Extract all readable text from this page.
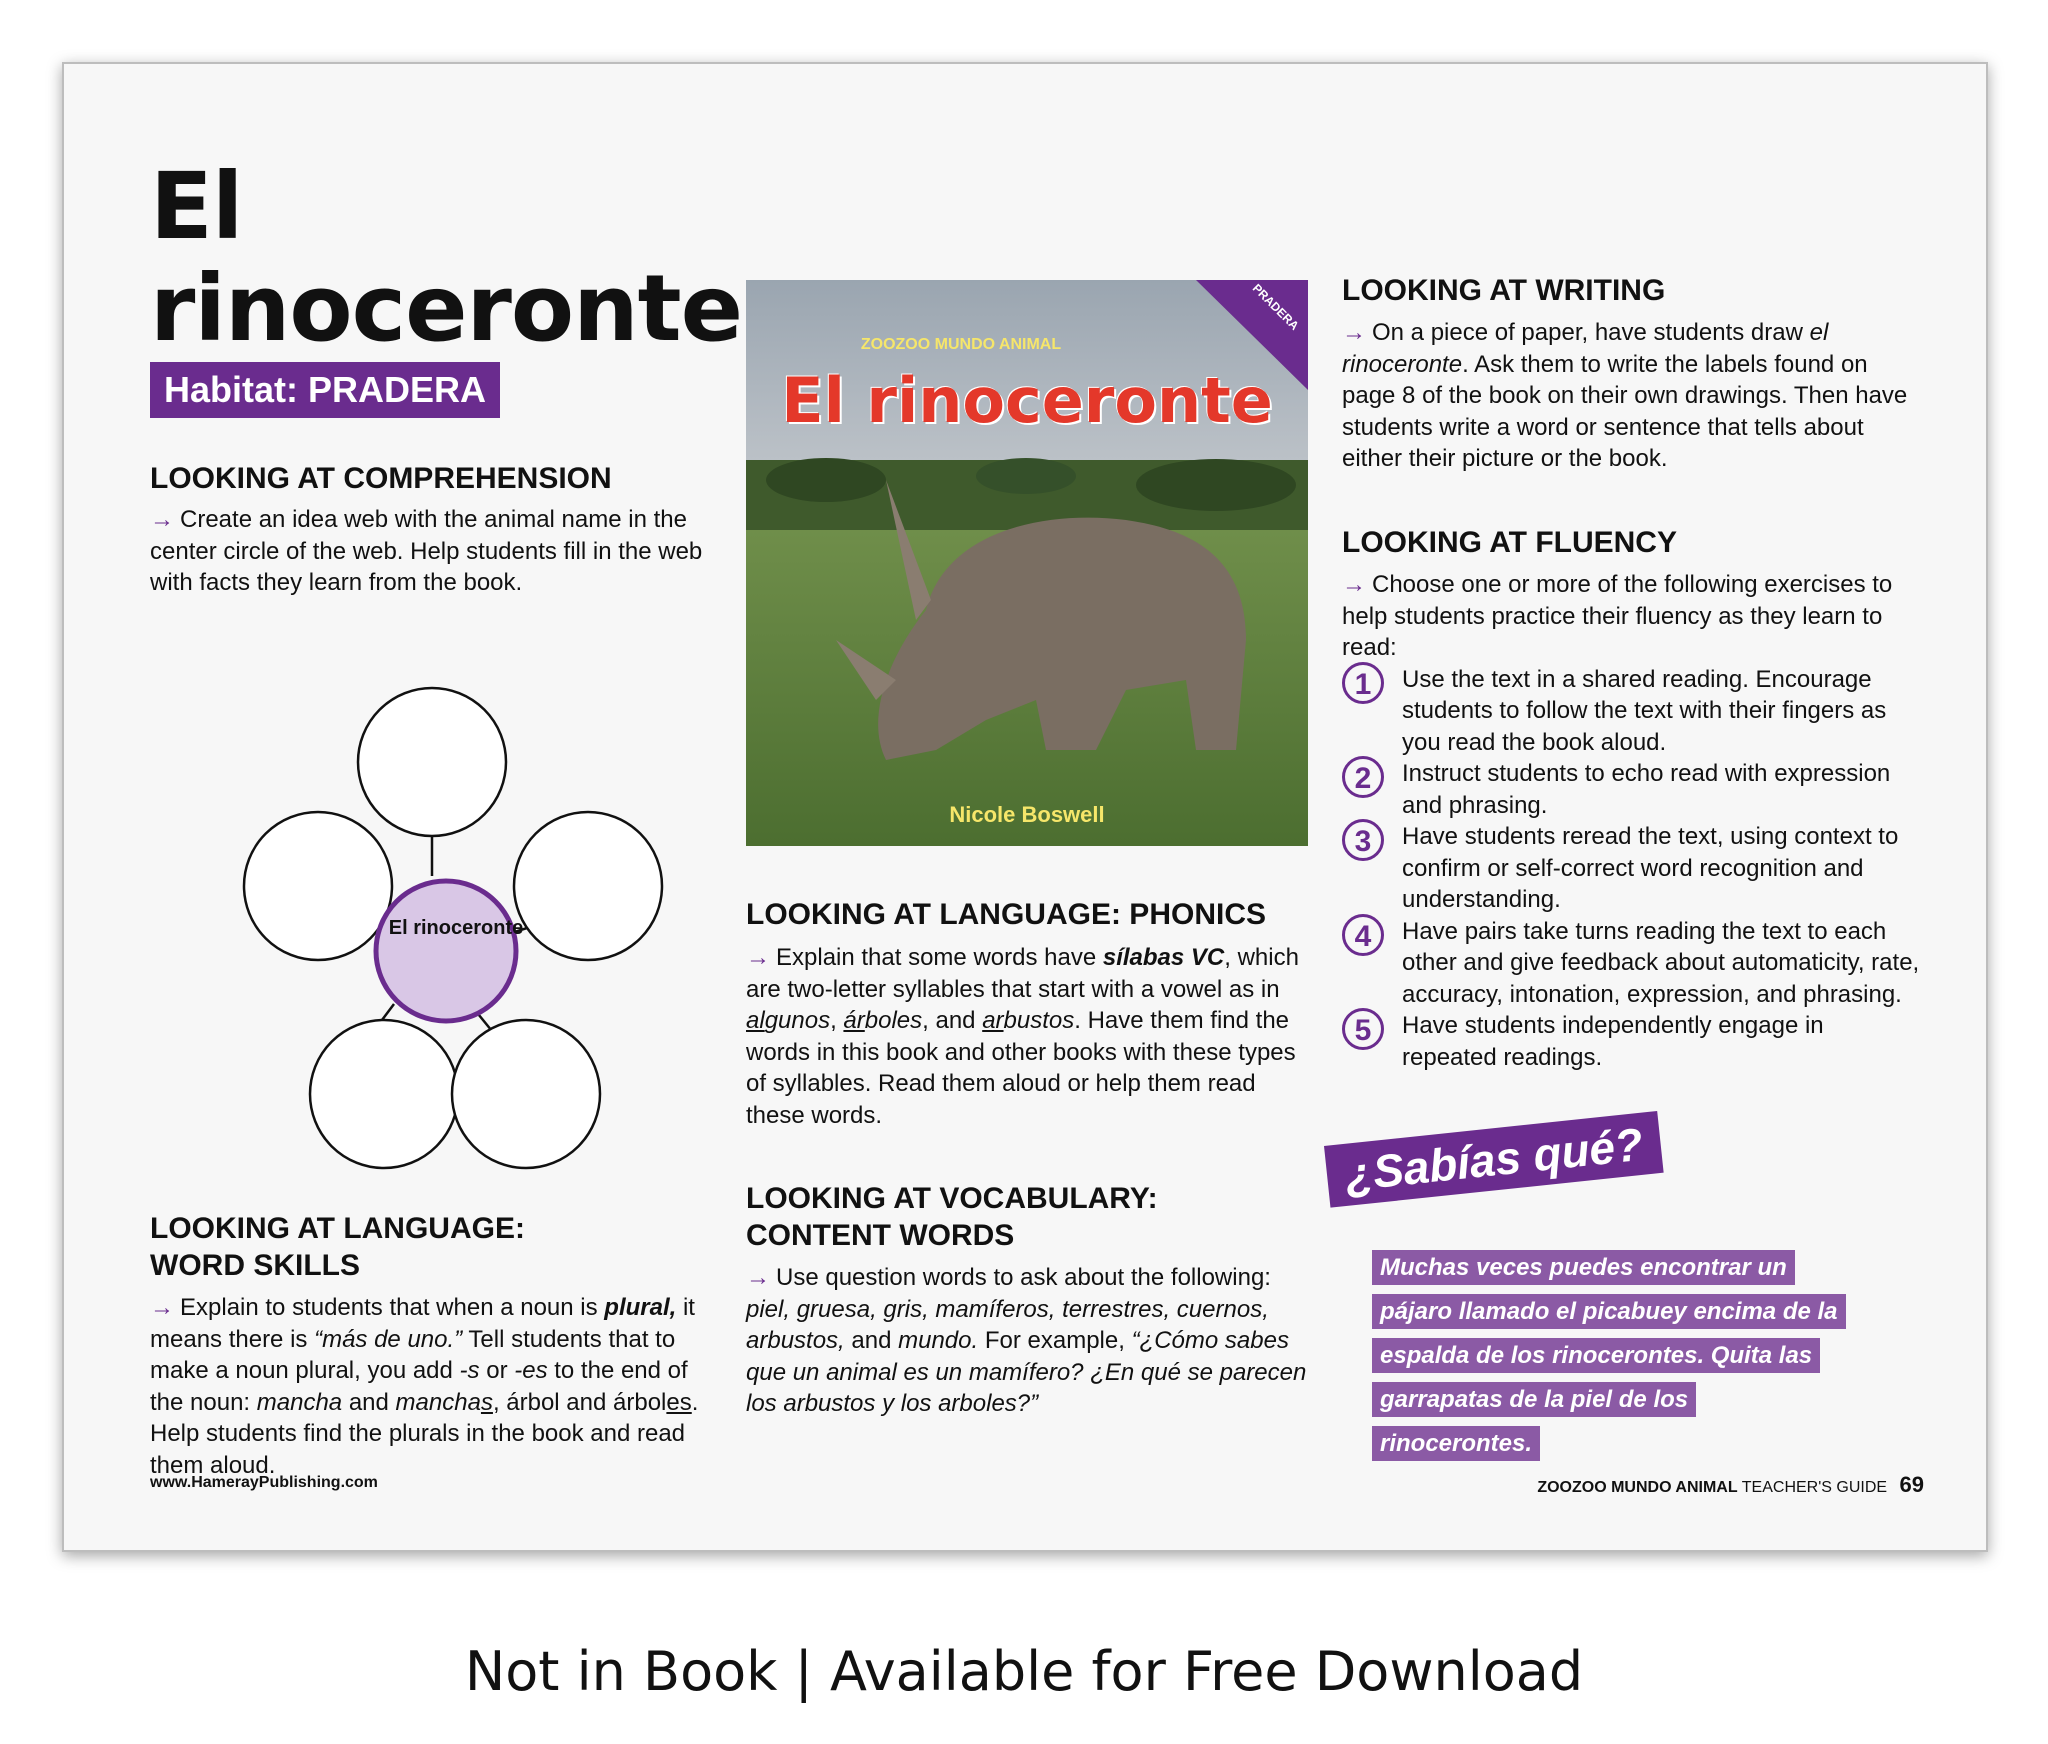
El
rinoceronte
Habitat: PRADERA
LOOKING AT COMPREHENSION
→ Create an idea web with the animal name in the center circle of the web. Help students fill in the web with facts they learn from the book.
El rinoceronte
LOOKING AT LANGUAGE:
WORD SKILLS
→ Explain to students that when a noun is plural, it means there is “más de uno.” Tell students that to make a noun plural, you add -s or -es to the end of the noun: mancha and manchas, árbol and árboles. Help students find the plurals in the book and read them aloud.
ZOOZOO MUNDO ANIMAL
PRADERA
El rinoceronte
Nicole Boswell
LOOKING AT LANGUAGE: PHONICS
→ Explain that some words have sílabas VC, which are two-letter syllables that start with a vowel as in algunos, árboles, and arbustos. Have them find the words in this book and other books with these types of syllables. Read them aloud or help them read these words.
LOOKING AT VOCABULARY:
CONTENT WORDS
→ Use question words to ask about the following: piel, gruesa, gris, mamíferos, terrestres, cuernos, arbustos, and mundo. For example, “¿Cómo sabes que un animal es un mamífero? ¿En qué se parecen los arbustos y los arboles?”
LOOKING AT WRITING
→ On a piece of paper, have students draw el rinoceronte. Ask them to write the labels found on page 8 of the book on their own drawings. Then have students write a word or sentence that tells about either their picture or the book.
LOOKING AT FLUENCY
→ Choose one or more of the following exercises to help students practice their fluency as they learn to read:
1	Use the text in a shared reading. Encourage students to follow the text with their fingers as you read the book aloud.
2	Instruct students to echo read with expression and phrasing.
3	Have students reread the text, using context to confirm or self-correct word recognition and understanding.
4	Have pairs take turns reading the text to each other and give feedback about automaticity, rate, accuracy, intonation, expression, and phrasing.
5	Have students independently engage in repeated readings.
¿Sabías qué?
Muchas veces puedes encontrar un pájaro llamado el picabuey encima de la espalda de los rinocerontes. Quita las garrapatas de la piel de los rinocerontes.
www.HamerayPublishing.com	ZOOZOO MUNDO ANIMAL TEACHER'S GUIDE 69
Not in Book | Available for Free Download
